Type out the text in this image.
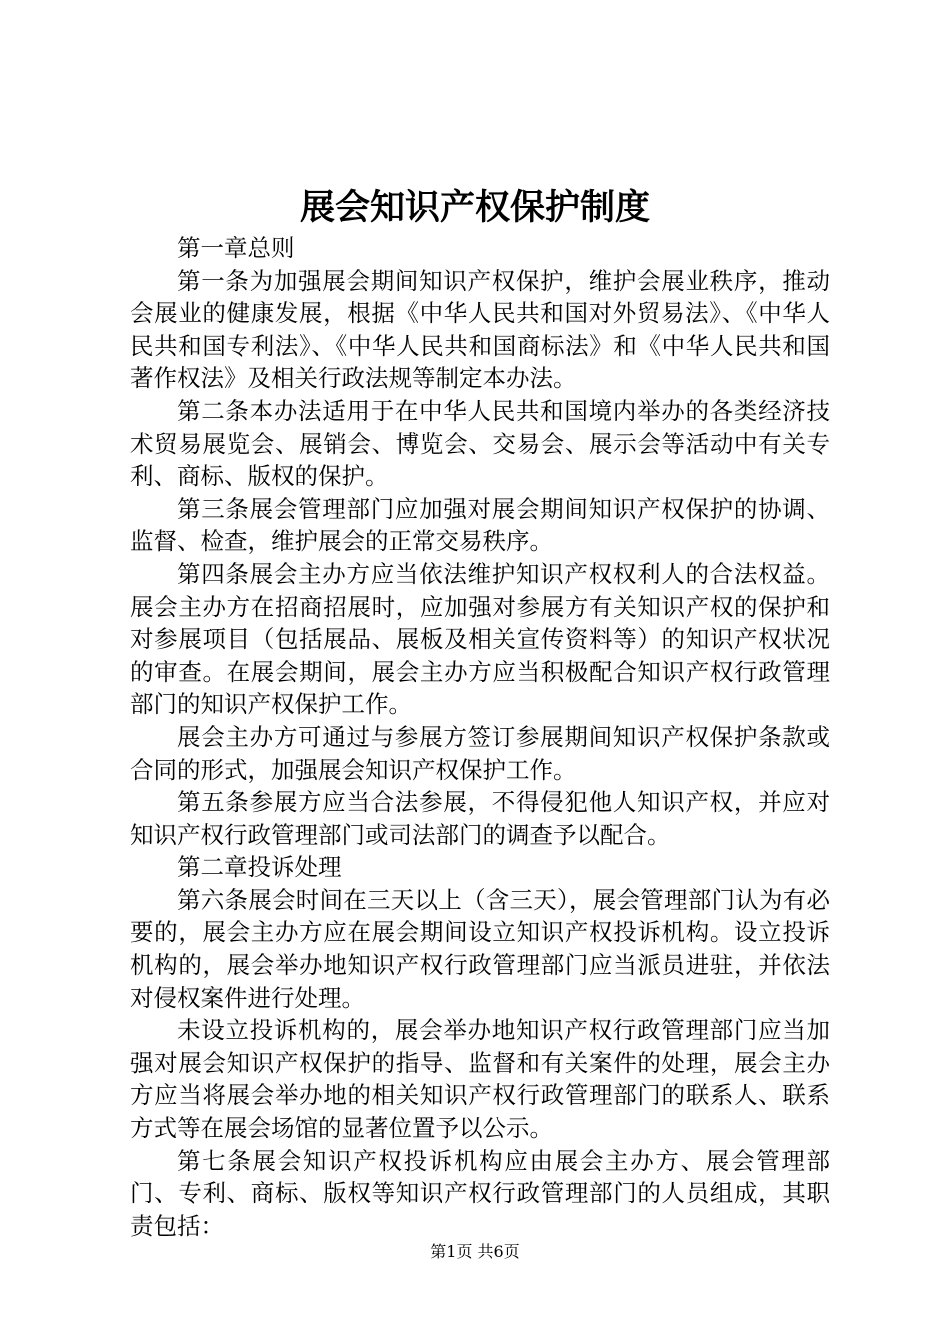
展会知识产权保护制度

第一章总则

第一条为加强展会期间知识产权保护，维护会展业秩序，推动会展业的健康发展，根据《中华人民共和国对外贸易法》、《中华人民共和国专利法》、《中华人民共和国商标法》和《中华人民共和国著作权法》及相关行政法规等制定本办法。

第二条本办法适用于在中华人民共和国境内举办的各类经济技术贸易展览会、展销会、博览会、交易会、展示会等活动中有关专利、商标、版权的保护。

第三条展会管理部门应加强对展会期间知识产权保护的协调、监督、检查，维护展会的正常交易秩序。

第四条展会主办方应当依法维护知识产权权利人的合法权益。展会主办方在招商招展时，应加强对参展方有关知识产权的保护和对参展项目（包括展品、展板及相关宣传资料等）的知识产权状况的审查。在展会期间，展会主办方应当积极配合知识产权行政管理部门的知识产权保护工作。

展会主办方可通过与参展方签订参展期间知识产权保护条款或合同的形式，加强展会知识产权保护工作。

第五条参展方应当合法参展，不得侵犯他人知识产权，并应对知识产权行政管理部门或司法部门的调查予以配合。

第二章投诉处理

第六条展会时间在三天以上（含三天），展会管理部门认为有必要的，展会主办方应在展会期间设立知识产权投诉机构。设立投诉机构的，展会举办地知识产权行政管理部门应当派员进驻，并依法对侵权案件进行处理。

未设立投诉机构的，展会举办地知识产权行政管理部门应当加强对展会知识产权保护的指导、监督和有关案件的处理，展会主办方应当将展会举办地的相关知识产权行政管理部门的联系人、联系方式等在展会场馆的显著位置予以公示。

第七条展会知识产权投诉机构应由展会主办方、展会管理部门、专利、商标、版权等知识产权行政管理部门的人员组成，其职责包括：

第1页 共6页
